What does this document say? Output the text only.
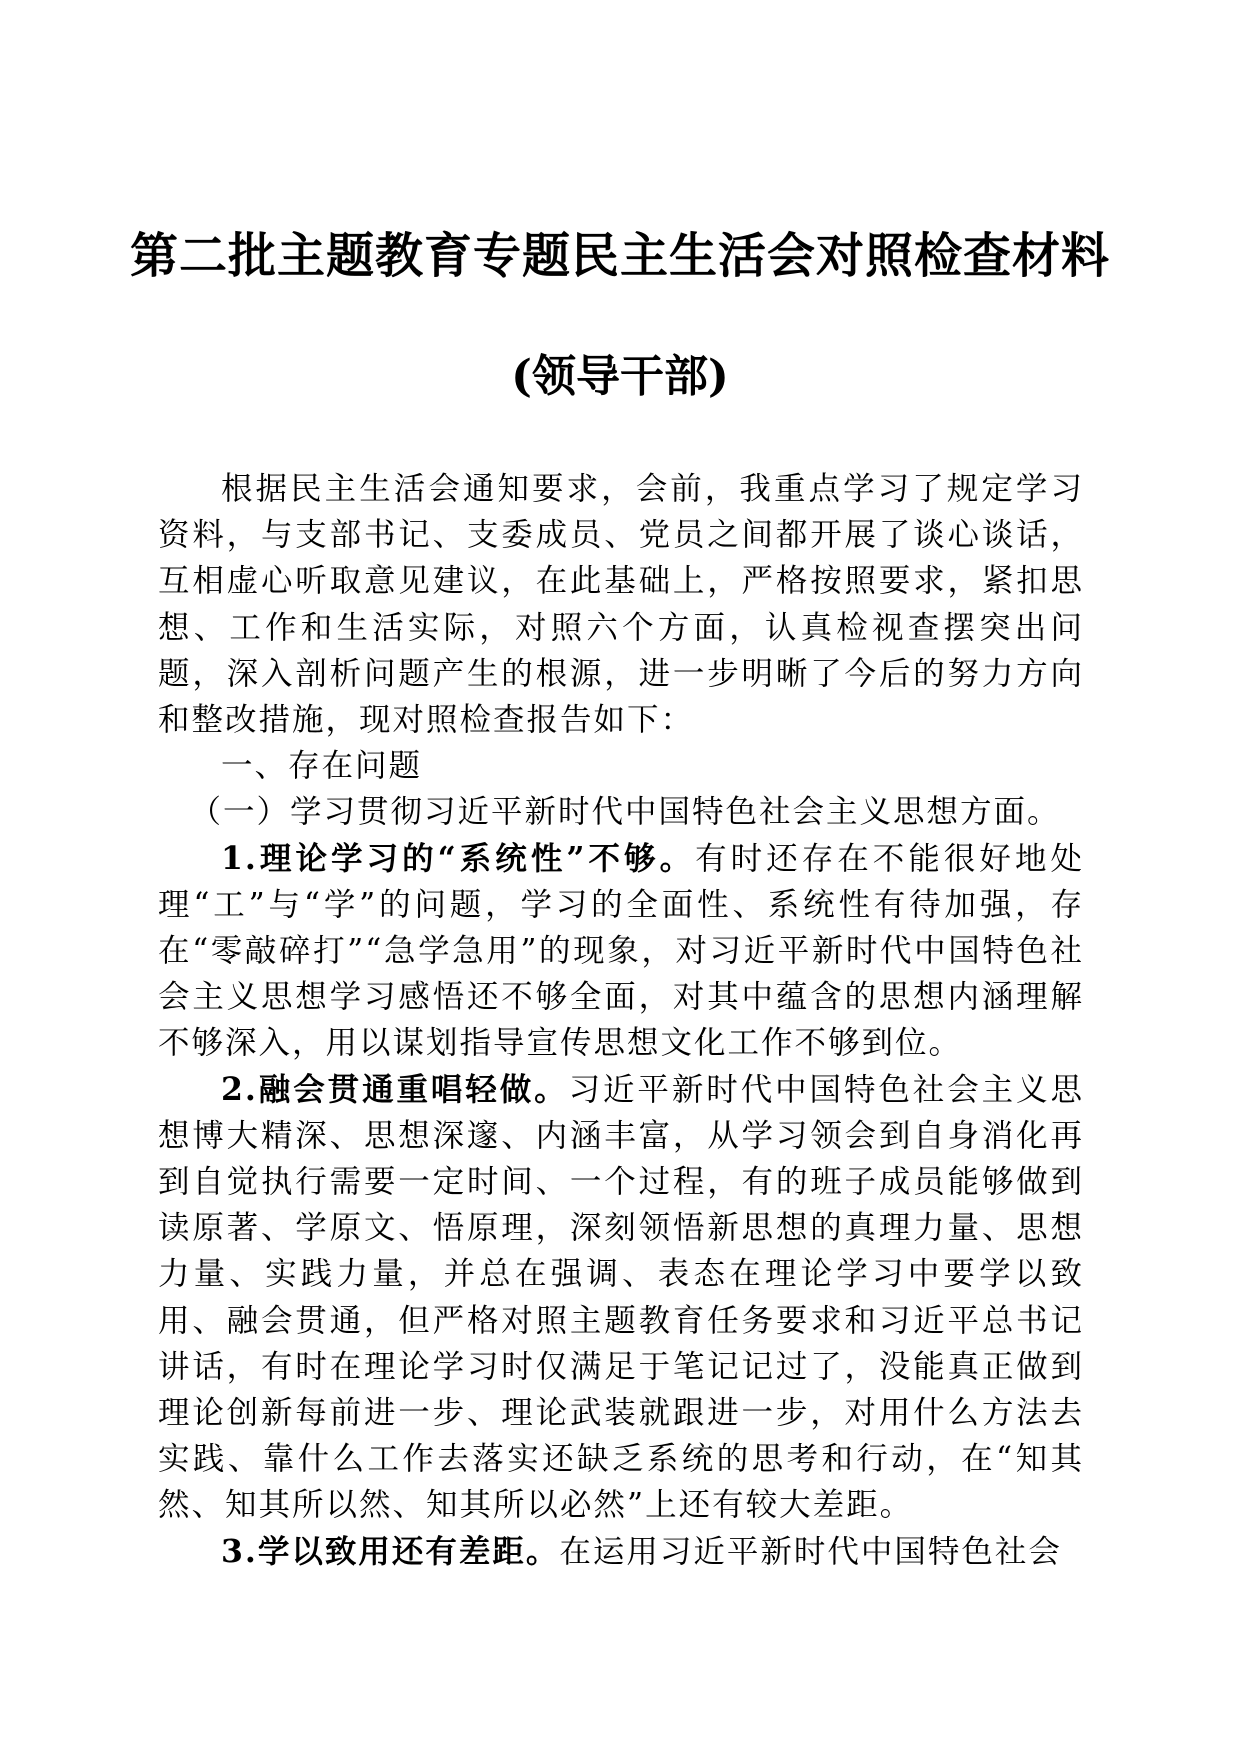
第二批主题教育专题民主生活会对照检查材料
(领导干部)

根据民主生活会通知要求，会前，我重点学习了规定学习资料，与支部书记、支委成员、党员之间都开展了谈心谈话，互相虚心听取意见建议，在此基础上，严格按照要求，紧扣思想、工作和生活实际，对照六个方面，认真检视查摆突出问题，深入剖析问题产生的根源，进一步明晰了今后的努力方向和整改措施，现对照检查报告如下：

一、存在问题

（一）学习贯彻习近平新时代中国特色社会主义思想方面。

1.理论学习的“系统性”不够。有时还存在不能很好地处理“工”与“学”的问题，学习的全面性、系统性有待加强，存在“零敲碎打”“急学急用”的现象，对习近平新时代中国特色社会主义思想学习感悟还不够全面，对其中蕴含的思想内涵理解不够深入，用以谋划指导宣传思想文化工作不够到位。

2.融会贯通重唱轻做。习近平新时代中国特色社会主义思想博大精深、思想深邃、内涵丰富，从学习领会到自身消化再到自觉执行需要一定时间、一个过程，有的班子成员能够做到读原著、学原文、悟原理，深刻领悟新思想的真理力量、思想力量、实践力量，并总在强调、表态在理论学习中要学以致用、融会贯通，但严格对照主题教育任务要求和习近平总书记讲话，有时在理论学习时仅满足于笔记记过了，没能真正做到理论创新每前进一步、理论武装就跟进一步，对用什么方法去实践、靠什么工作去落实还缺乏系统的思考和行动，在“知其然、知其所以然、知其所以必然”上还有较大差距。

3.学以致用还有差距。在运用习近平新时代中国特色社会
